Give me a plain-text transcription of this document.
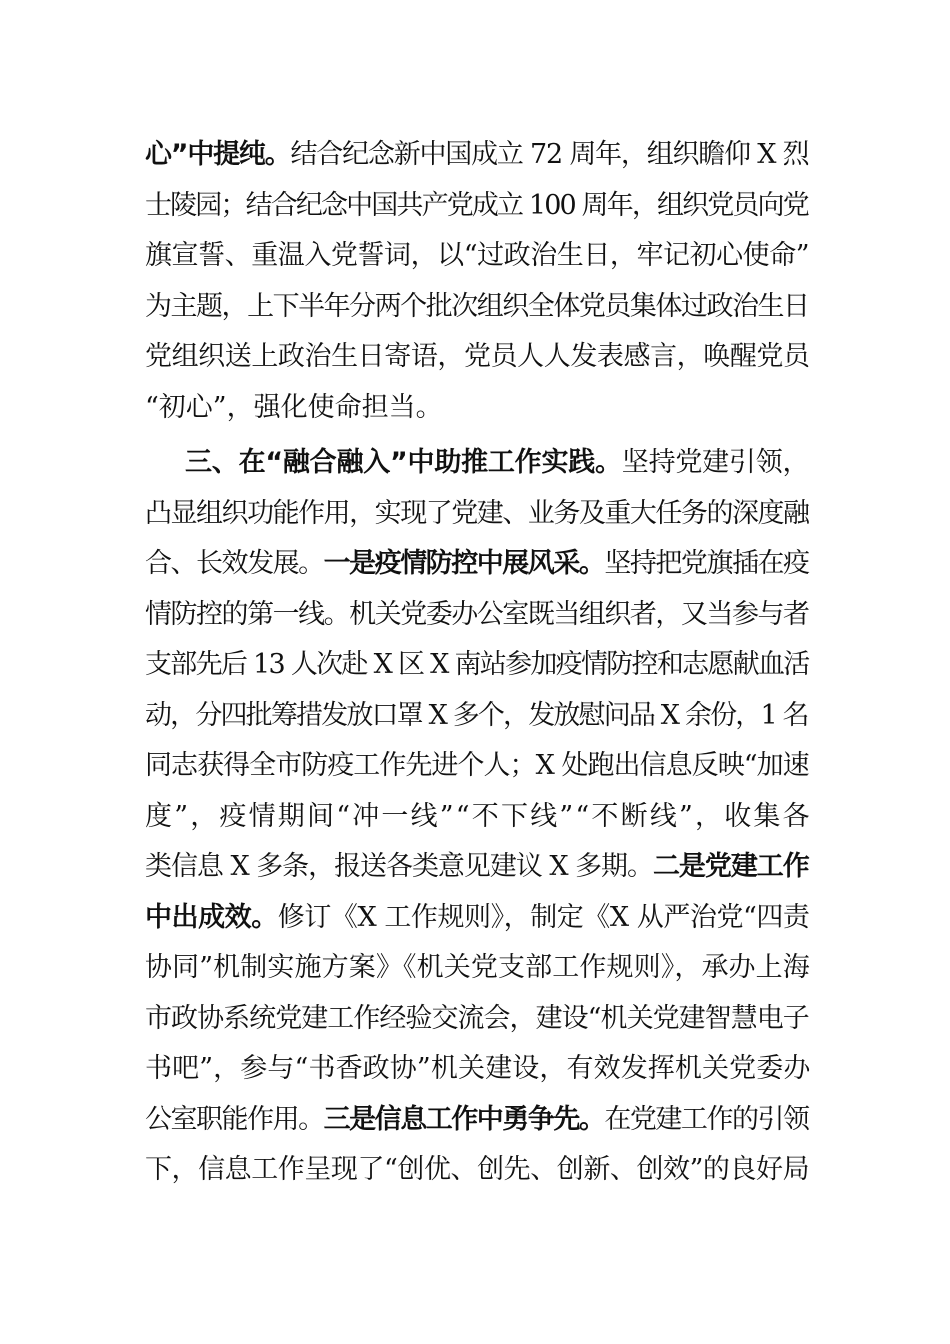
心”中提纯。结合纪念新中国成立 72 周年，组织瞻仰 X 烈
士陵园；结合纪念中国共产党成立 100 周年，组织党员向党
旗宣誓、重温入党誓词，以“过政治生日，牢记初心使命”
为主题，上下半年分两个批次组织全体党员集体过政治生日
党组织送上政治生日寄语，党员人人发表感言，唤醒党员
“初心”，强化使命担当。
三、在“融合融入”中助推工作实践。坚持党建引领，
凸显组织功能作用，实现了党建、业务及重大任务的深度融
合、长效发展。一是疫情防控中展风采。坚持把党旗插在疫
情防控的第一线。机关党委办公室既当组织者，又当参与者
支部先后 13 人次赴 X 区 X 南站参加疫情防控和志愿献血活
动，分四批筹措发放口罩 X 多个，发放慰问品 X 余份，1 名
同志获得全市防疫工作先进个人；X 处跑出信息反映“加速
度”，疫情期间“冲一线”“不下线”“不断线”，收集各
类信息 X 多条，报送各类意见建议 X 多期。二是党建工作
中出成效。修订《X 工作规则》，制定《X 从严治党“四责
协同”机制实施方案》《机关党支部工作规则》，承办上海
市政协系统党建工作经验交流会，建设“机关党建智慧电子
书吧”，参与“书香政协”机关建设，有效发挥机关党委办
公室职能作用。三是信息工作中勇争先。在党建工作的引领
下，信息工作呈现了“创优、创先、创新、创效”的良好局
